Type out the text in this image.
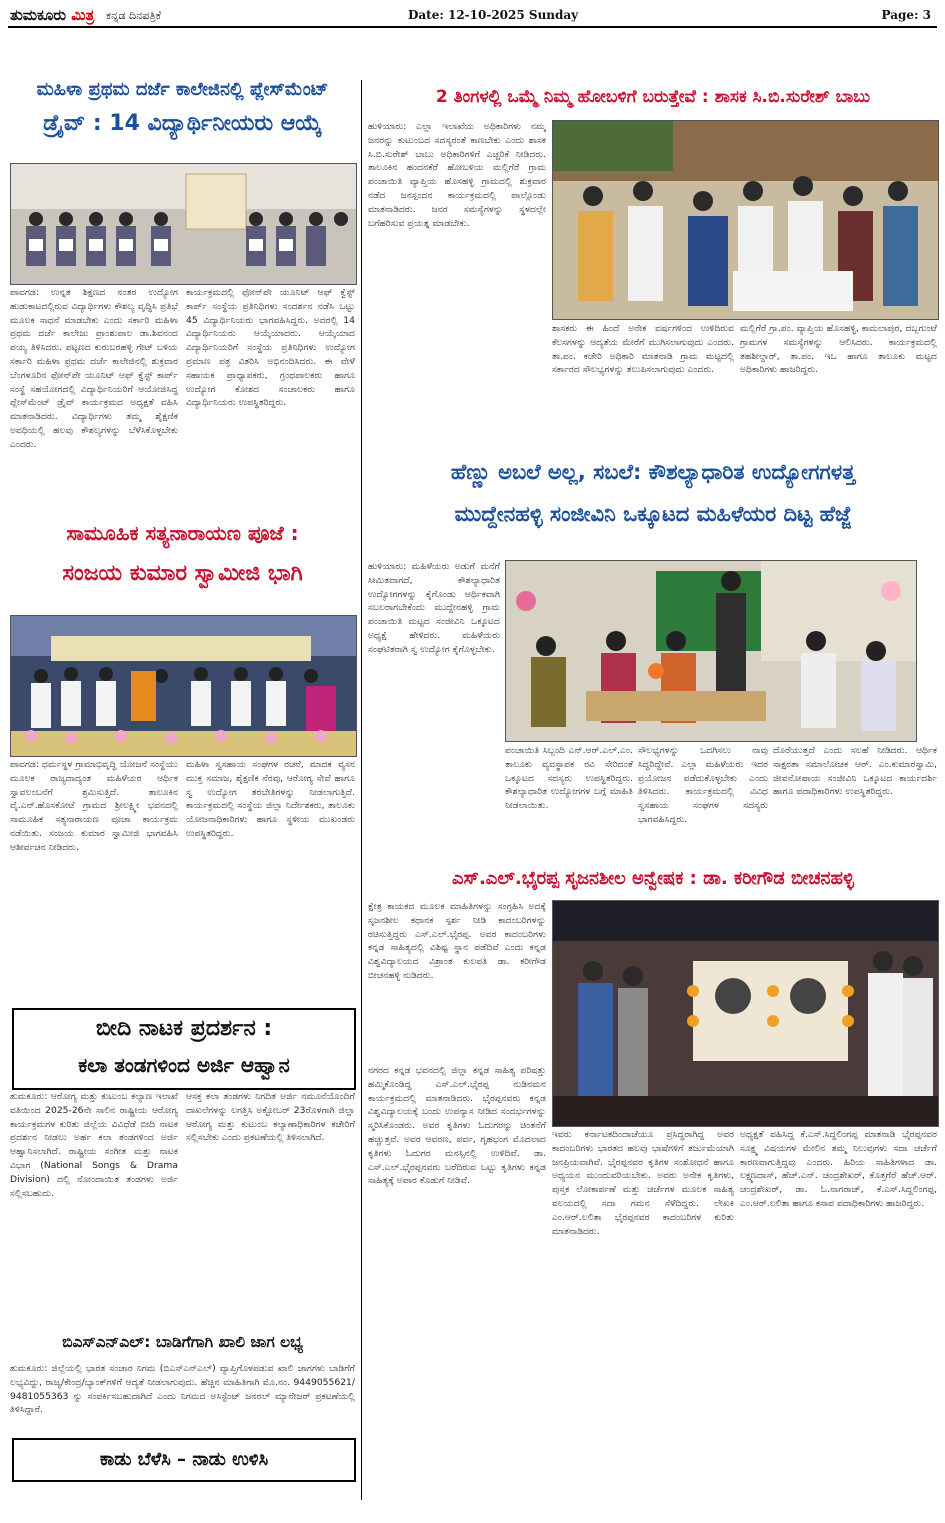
ತುಮಕೂರು ಮಿತ್ರ ಕನ್ನಡ ದಿನಪತ್ರಿಕೆ	Date: 12-10-2025 Sunday	Page: 3
ಮಹಿಳಾ ಪ್ರಥಮ ದರ್ಜೆ ಕಾಲೇಜಿನಲ್ಲಿ ಪ್ಲೇಸ್‌ಮೆಂಟ್
ಡ್ರೈವ್ : 14 ವಿದ್ಯಾರ್ಥಿನೀಯರು ಆಯ್ಕೆ
ಪಾವಗಡ: ಉನ್ನತ ಶಿಕ್ಷಣದ ನಂತರ ಉದ್ಯೋಗ ಹುಡುಕಾಟದಲ್ಲಿರುವ ವಿದ್ಯಾರ್ಥಿಗಳು ಕೌಶಲ್ಯ ವೃದ್ಧಿಸಿ ಪ್ರತಿಭೆ ಮೂಲಕ ಸಾಧನೆ ಮಾಡಬೇಕು ಎಂದು ಸರ್ಕಾರಿ ಮಹಿಳಾ ಪ್ರಥಮ ದರ್ಜೆ ಕಾಲೇಜು ಪ್ರಾಂಶುಪಾಲ ಡಾ.ಶಿವನಂದ ಪಯ್ಯ ತಿಳಿಸಿದರು. ಪಟ್ಟಣದ ಕುರುಬರಹಳ್ಳಿ ಗೇಟ್ ಬಳಿಯ ಸರ್ಕಾರಿ ಮಹಿಳಾ ಪ್ರಥಮ ದರ್ಜೆ ಕಾಲೇಜಿನಲ್ಲಿ ಶುಕ್ರವಾರ ಬೆಂಗಳೂರಿನ ಫೋನ್‌ಪೇ ಯೂನಿಟ್ ಆಫ್ ಕ್ವೆಸ್ಟ್ ಕಾರ್ಪ್ ಸಂಸ್ಥೆ ಸಹಯೋಗದಲ್ಲಿ ವಿದ್ಯಾರ್ಥಿನಿಯರಿಗೆ ಆಯೋಜಿಸಿದ್ದ ಪ್ಲೇಸ್‌ಮೆಂಟ್ ಡ್ರೈವ್ ಕಾರ್ಯಕ್ರಮದ ಅಧ್ಯಕ್ಷತೆ ವಹಿಸಿ ಮಾತನಾಡಿದರು. ವಿದ್ಯಾರ್ಥಿಗಳು ತಮ್ಮ ಶೈಕ್ಷಣಿಕ ಅವಧಿಯಲ್ಲಿ ಹಲವು ಕೌಶಲ್ಯಗಳನ್ನು ಬೆಳೆಸಿಕೊಳ್ಳಬೇಕು ಎಂದರು.
ಕಾರ್ಯಕ್ರಮದಲ್ಲಿ ಫೋನ್‌ಪೇ ಯೂನಿಟ್ ಆಫ್ ಕ್ವೆಸ್ಟ್ ಕಾರ್ಪ್ ಸಂಸ್ಥೆಯ ಪ್ರತಿನಿಧಿಗಳು ಸಂದರ್ಶನ ನಡೆಸಿ ಒಟ್ಟು 45 ವಿದ್ಯಾರ್ಥಿನಿಯರು ಭಾಗವಹಿಸಿದ್ದರು. ಅದರಲ್ಲಿ 14 ವಿದ್ಯಾರ್ಥಿನಿಯರು ಆಯ್ಕೆಯಾದರು. ಆಯ್ಕೆಯಾದ ವಿದ್ಯಾರ್ಥಿನಿಯರಿಗೆ ಸಂಸ್ಥೆಯ ಪ್ರತಿನಿಧಿಗಳು ಉದ್ಯೋಗ ಪ್ರಮಾಣ ಪತ್ರ ವಿತರಿಸಿ ಅಭಿನಂದಿಸಿದರು. ಈ ವೇಳೆ ಸಹಾಯಕ ಪ್ರಾಧ್ಯಾಪಕರು, ಗ್ರಂಥಪಾಲಕರು ಹಾಗೂ ಉದ್ಯೋಗ ಕೋಶದ ಸಂಚಾಲಕರು ಹಾಗೂ ವಿದ್ಯಾರ್ಥಿನಿಯರು ಉಪಸ್ಥಿತರಿದ್ದರು.
ಸಾಮೂಹಿಕ ಸತ್ಯನಾರಾಯಣ ಪೂಜೆ :
ಸಂಜಯ ಕುಮಾರ ಸ್ವಾಮೀಜಿ ಭಾಗಿ
ಪಾವಗಡ: ಧರ್ಮಸ್ಥಳ ಗ್ರಾಮಾಭಿವೃದ್ಧಿ ಯೋಜನೆ ಸಂಸ್ಥೆಯು ಮೂಲಕ ರಾಜ್ಯದಾದ್ಯಂತ ಮಹಿಳೆಯರ ಆರ್ಥಿಕ ಸ್ವಾವಲಂಬನೆಗೆ ಶ್ರಮಿಸುತ್ತಿದೆ. ತಾಲೂಕಿನ ವೈ.ಎನ್.ಹೊಸಕೋಟೆ ಗ್ರಾಮದ ಶ್ರೀಲಕ್ಷ್ಮೀ ಭವನದಲ್ಲಿ ಸಾಮೂಹಿಕ ಸತ್ಯನಾರಾಯಣ ಪೂಜಾ ಕಾರ್ಯಕ್ರಮ ನಡೆಯಿತು. ಸಂಜಯ ಕುಮಾರ ಸ್ವಾಮೀಜಿ ಭಾಗವಹಿಸಿ ಆಶೀರ್ವಚನ ನೀಡಿದರು.
ಮಹಿಳಾ ಸ್ವಸಹಾಯ ಸಂಘಗಳ ರಚನೆ, ಮಾದಕ ವ್ಯಸನ ಮುಕ್ತ ಸಮಾಜ, ಶೈಕ್ಷಣಿಕ ನೆರವು, ಆರೋಗ್ಯ ಸೇವೆ ಹಾಗೂ ಸ್ವ ಉದ್ಯೋಗ ತರಬೇತಿಗಳನ್ನು ನೀಡಲಾಗುತ್ತಿದೆ. ಕಾರ್ಯಕ್ರಮದಲ್ಲಿ ಸಂಸ್ಥೆಯ ಜಿಲ್ಲಾ ನಿರ್ದೇಶಕರು, ತಾಲೂಕು ಯೋಜನಾಧಿಕಾರಿಗಳು ಹಾಗೂ ಸ್ಥಳೀಯ ಮುಖಂಡರು ಉಪಸ್ಥಿತರಿದ್ದರು.
ಬೀದಿ ನಾಟಕ ಪ್ರದರ್ಶನ :
ಕಲಾ ತಂಡಗಳಿಂದ ಅರ್ಜಿ ಆಹ್ವಾನ
ತುಮಕೂರು: ಆರೋಗ್ಯ ಮತ್ತು ಕುಟುಂಬ ಕಲ್ಯಾಣ ಇಲಾಖೆ ವತಿಯಿಂದ 2025-26ನೇ ಸಾಲಿನ ರಾಷ್ಟ್ರೀಯ ಆರೋಗ್ಯ ಕಾರ್ಯಕ್ರಮಗಳ ಕುರಿತು ಜಿಲ್ಲೆಯ ವಿವಿಧೆಡೆ ಬೀದಿ ನಾಟಕ ಪ್ರದರ್ಶನ ನೀಡಲು ಅರ್ಹ ಕಲಾ ತಂಡಗಳಿಂದ ಅರ್ಜಿ ಆಹ್ವಾನಿಸಲಾಗಿದೆ. ರಾಷ್ಟ್ರೀಯ ಸಂಗೀತ ಮತ್ತು ನಾಟಕ ವಿಭಾಗ (National Songs & Drama Division) ದಲ್ಲಿ ನೋಂದಾಯಿತ ತಂಡಗಳು ಅರ್ಜಿ ಸಲ್ಲಿಸಬಹುದು.
ಆಸಕ್ತ ಕಲಾ ತಂಡಗಳು ನಿಗದಿತ ಅರ್ಜಿ ನಮೂನೆಯೊಂದಿಗೆ ದಾಖಲೆಗಳನ್ನು ಲಗತ್ತಿಸಿ ಅಕ್ಟೋಬರ್ 23ರೊಳಗಾಗಿ ಜಿಲ್ಲಾ ಆರೋಗ್ಯ ಮತ್ತು ಕುಟುಂಬ ಕಲ್ಯಾಣಾಧಿಕಾರಿಗಳ ಕಚೇರಿಗೆ ಸಲ್ಲಿಸಬೇಕು ಎಂದು ಪ್ರಕಟಣೆಯಲ್ಲಿ ತಿಳಿಸಲಾಗಿದೆ.
ಬಿಎಸ್‌ಎನ್‌ಎಲ್: ಬಾಡಿಗೆಗಾಗಿ ಖಾಲಿ ಜಾಗ ಲಭ್ಯ
ತುಮಕೂರು: ಜಿಲ್ಲೆಯಲ್ಲಿ ಭಾರತ ಸಂಚಾರ ನಿಗಮ (ಬಿಎಸ್‌ಎನ್‌ಎಲ್) ವ್ಯಾಪ್ತಿಗೊಳಪಡುವ ಖಾಲಿ ಜಾಗಗಳು ಬಾಡಿಗೆಗೆ ಲಭ್ಯವಿದ್ದು, ರಾಜ್ಯ/ಕೇಂದ್ರ/ಬ್ಯಾಂಕ್‌ಗಳಿಗೆ ಆದ್ಯತೆ ನೀಡಲಾಗುವುದು. ಹೆಚ್ಚಿನ ಮಾಹಿತಿಗಾಗಿ ಮೊ.ನಂ. 9449055621/ 9481055363 ನ್ನು ಸಂಪರ್ಕಿಸಬಹುದಾಗಿದೆ ಎಂದು ನಿಗಮದ ಅಸಿಸ್ಟೆಂಟ್ ಜನರಲ್ ಮ್ಯಾನೇಜರ್ ಪ್ರಕಟಣೆಯಲ್ಲಿ ತಿಳಿಸಿದ್ದಾರೆ.
ಕಾಡು ಬೆಳೆಸಿ – ನಾಡು ಉಳಿಸಿ
2 ತಿಂಗಳಲ್ಲಿ ಒಮ್ಮೆ ನಿಮ್ಮ ಹೋಬಳಿಗೆ ಬರುತ್ತೇವೆ : ಶಾಸಕ ಸಿ.ಬಿ.ಸುರೇಶ್ ಬಾಬು
ಹುಳಿಯಾರು: ಎಲ್ಲಾ ಇಲಾಖೆಯ ಅಧಿಕಾರಿಗಳು ನಮ್ಮ ಜನರನ್ನು ಕುಟುಂಬದ ಸದಸ್ಯರಂತೆ ಕಾಣಬೇಕು ಎಂದು ಶಾಸಕ ಸಿ.ಬಿ.ಸುರೇಶ್ ಬಾಬು ಅಧಿಕಾರಿಗಳಿಗೆ ಎಚ್ಚರಿಕೆ ನೀಡಿದರು. ತಾಲೂಕಿನ ಹಂದನಕೆರೆ ಹೋಬಳಿಯ ಮಲ್ಲಿಗೆರೆ ಗ್ರಾಮ ಪಂಚಾಯಿತಿ ವ್ಯಾಪ್ತಿಯ ಹೊಸಹಳ್ಳಿ ಗ್ರಾಮದಲ್ಲಿ ಶುಕ್ರವಾರ ನಡೆದ ಜನಸ್ಪಂದನ ಕಾರ್ಯಕ್ರಮದಲ್ಲಿ ಪಾಲ್ಗೊಂಡು ಮಾತನಾಡಿದರು. ಜನರ ಸಮಸ್ಯೆಗಳನ್ನು ಸ್ಥಳದಲ್ಲೇ ಬಗೆಹರಿಸುವ ಪ್ರಯತ್ನ ಮಾಡಬೇಕು.
ಶಾಸಕರು ಈ ಹಿಂದೆ ಅನೇಕ ವರ್ಷಗಳಿಂದ ಉಳಿದಿರುವ ಕೆಲಸಗಳನ್ನು ಆದ್ಯತೆಯ ಮೇರೆಗೆ ಮುಗಿಸಲಾಗುವುದು ಎಂದರು. ತಾ.ಪಂ. ಕಚೇರಿ ಅಧಿಕಾರಿ ಮಾತನಾಡಿ ಗ್ರಾಮ ಮಟ್ಟದಲ್ಲಿ ಸರ್ಕಾರದ ಸೌಲಭ್ಯಗಳನ್ನು ತಲುಪಿಸಲಾಗುವುದು ಎಂದರು.
ಮಲ್ಲಿಗೆರೆ ಗ್ರಾ.ಪಂ. ವ್ಯಾಪ್ತಿಯ ಹೊಸಹಳ್ಳಿ, ಕಾಮಲಾಪುರ, ದಬ್ಬಗುಂಟೆ ಗ್ರಾಮಗಳ ಸಮಸ್ಯೆಗಳನ್ನು ಆಲಿಸಿದರು. ಕಾರ್ಯಕ್ರಮದಲ್ಲಿ ತಹಶೀಲ್ದಾರ್, ತಾ.ಪಂ. ಇಒ ಹಾಗೂ ತಾಲೂಕು ಮಟ್ಟದ ಅಧಿಕಾರಿಗಳು ಹಾಜರಿದ್ದರು.
ಹೆಣ್ಣು ಅಬಲೆ ಅಲ್ಲ, ಸಬಲೆ: ಕೌಶಲ್ಯಾಧಾರಿತ ಉದ್ಯೋಗಗಳತ್ತ
ಮುದ್ದೇನಹಳ್ಳಿ ಸಂಜೀವಿನಿ ಒಕ್ಕೂಟದ ಮಹಿಳೆಯರ ದಿಟ್ಟ ಹೆಜ್ಜೆ
ಹುಳಿಯಾರು: ಮಹಿಳೆಯರು ಅಡುಗೆ ಮನೆಗೆ ಸೀಮಿತವಾಗದೆ, ಕೌಶಲ್ಯಾಧಾರಿತ ಉದ್ಯೋಗಗಳನ್ನು ಕೈಗೊಂಡು ಆರ್ಥಿಕವಾಗಿ ಸಬಲರಾಗಬೇಕೆಂದು ಮುದ್ದೇನಹಳ್ಳಿ ಗ್ರಾಮ ಪಂಚಾಯಿತಿ ಮಟ್ಟದ ಸಂಜೀವಿನಿ ಒಕ್ಕೂಟದ ಅಧ್ಯಕ್ಷೆ ಹೇಳಿದರು. ಮಹಿಳೆಯರು ಸಂಘಟಿತರಾಗಿ ಸ್ವ ಉದ್ಯೋಗ ಕೈಗೊಳ್ಳಬೇಕು.
ಪಂಚಾಯಿತಿ ಸಿಬ್ಬಂದಿ ಎನ್.ಆರ್.ಎಲ್.ಎಂ. ತಾಲೂಕು ವ್ಯವಸ್ಥಾಪಕ ರವಿ ಸೇರಿದಂತೆ ಒಕ್ಕೂಟದ ಸದಸ್ಯರು ಉಪಸ್ಥಿತರಿದ್ದರು. ಕೌಶಲ್ಯಾಧಾರಿತ ಉದ್ಯೋಗಗಳ ಬಗ್ಗೆ ಮಾಹಿತಿ ನೀಡಲಾಯಿತು.
ಸೌಲಭ್ಯಗಳನ್ನು ಒದಗಿಸಲು ನಾವು ಸಿದ್ಧರಿದ್ದೇವೆ. ಎಲ್ಲಾ ಮಹಿಳೆಯರು ಇದರ ಪ್ರಯೋಜನ ಪಡೆದುಕೊಳ್ಳಬೇಕು ಎಂದು ತಿಳಿಸಿದರು. ಕಾರ್ಯಕ್ರಮದಲ್ಲಿ ವಿವಿಧ ಸ್ವಸಹಾಯ ಸಂಘಗಳ ಸದಸ್ಯರು ಭಾಗವಹಿಸಿದ್ದರು.
ದೊರೆಯುತ್ತದೆ ಎಂದು ಸಲಹೆ ನೀಡಿದರು. ಆರ್ಥಿಕ ಸಾಕ್ಷರತಾ ಸಮಾಲೋಚಕ ಆರ್. ಎಂ.ಕುಮಾರಸ್ವಾಮಿ, ಜೀವನೋಪಾಯ ಸಂಜೀವಿನಿ ಒಕ್ಕೂಟದ ಕಾರ್ಯದರ್ಶಿ ಹಾಗೂ ಪದಾಧಿಕಾರಿಗಳು ಉಪಸ್ಥಿತರಿದ್ದರು.
ಎಸ್.ಎಲ್.ಭೈರಪ್ಪ ಸೃಜನಶೀಲ ಅನ್ವೇಷಕ : ಡಾ. ಕರೀಗೌಡ ಬೀಚನಹಳ್ಳಿ
ಕ್ಷೇತ್ರ ಕಾಯಕದ ಮೂಲಕ ಮಾಹಿತಿಗಳನ್ನು ಸಂಗ್ರಹಿಸಿ ಅದಕ್ಕೆ ಸೃಜನಶೀಲ ಕಥಾನಕ ಸ್ಪರ್ಶ ನೀಡಿ ಕಾದಂಬರಿಗಳನ್ನು ರಚಿಸುತ್ತಿದ್ದರು ಎಸ್.ಎಲ್.ಭೈರಪ್ಪ. ಅವರ ಕಾದಂಬರಿಗಳು ಕನ್ನಡ ಸಾಹಿತ್ಯದಲ್ಲಿ ವಿಶಿಷ್ಟ ಸ್ಥಾನ ಪಡೆದಿವೆ ಎಂದು ಕನ್ನಡ ವಿಶ್ವವಿದ್ಯಾಲಯದ ವಿಶ್ರಾಂತ ಕುಲಪತಿ ಡಾ. ಕರೀಗೌಡ ಬೀಚನಹಳ್ಳಿ ನುಡಿದರು.
ನಗರದ ಕನ್ನಡ ಭವನದಲ್ಲಿ ಜಿಲ್ಲಾ ಕನ್ನಡ ಸಾಹಿತ್ಯ ಪರಿಷತ್ತು ಹಮ್ಮಿಕೊಂಡಿದ್ದ ಎಸ್.ಎಲ್.ಭೈರಪ್ಪ ನುಡಿನಮನ ಕಾರ್ಯಕ್ರಮದಲ್ಲಿ ಮಾತನಾಡಿದರು. ಭೈರಪ್ಪನವರು ಕನ್ನಡ ವಿಶ್ವವಿದ್ಯಾಲಯಕ್ಕೆ ಬಂದು ಉಪನ್ಯಾಸ ನೀಡಿದ ಸಂದರ್ಭಗಳನ್ನು ಸ್ಮರಿಸಿಕೊಂಡರು. ಅವರ ಕೃತಿಗಳು ಓದುಗರನ್ನು ಚಿಂತನೆಗೆ ಹಚ್ಚುತ್ತವೆ. ಅವರ ಆವರಣ, ಪರ್ವ, ಗೃಹಭಂಗ ಮೊದಲಾದ ಕೃತಿಗಳು ಓದುಗರ ಮನಸ್ಸಿನಲ್ಲಿ ಉಳಿದಿವೆ. ಡಾ. ಎಸ್.ಎಲ್.ಭೈರಪ್ಪನವರು ಬರೆದಿರುವ ಒಟ್ಟು ಕೃತಿಗಳು ಕನ್ನಡ ಸಾಹಿತ್ಯಕ್ಕೆ ಅಪಾರ ಕೊಡುಗೆ ನೀಡಿವೆ.
ಇವರು ಕರ್ನಾಟಕದಿಂದಾಚೆಯೂ ಪ್ರಸಿದ್ಧರಾಗಿದ್ದ ಅವರ ಕಾದಂಬರಿಗಳು ಭಾರತದ ಹಲವು ಭಾಷೆಗಳಿಗೆ ತರ್ಜುಮೆಯಾಗಿ ಜನಪ್ರಿಯವಾಗಿವೆ. ಭೈರಪ್ಪನವರ ಕೃತಿಗಳ ಸಂಶೋಧನೆ ಹಾಗೂ ಅಧ್ಯಯನ ಮುಂದುವರಿಯಬೇಕು. ಅವರು ಅನೇಕ ಕೃತಿಗಳು, ಪುಸ್ತಕ ಲೋಕಾರ್ಪಣೆ ಮತ್ತು ಚರ್ಚೆಗಳ ಮೂಲಕ ಸಾಹಿತ್ಯ ವಲಯದಲ್ಲಿ ಸದಾ ಗಮನ ಸೆಳೆದಿದ್ದರು. ಲೇಖಕಿ ಎಂ.ಆರ್.ಲಲಿತಾ ಭೈರಪ್ಪನವರ ಕಾದಂಬರಿಗಳ ಕುರಿತು ಮಾತನಾಡಿದರು.
ಅಧ್ಯಕ್ಷತೆ ವಹಿಸಿದ್ದ ಕೆ.ಎಸ್.ಸಿದ್ದಲಿಂಗಪ್ಪ ಮಾತನಾಡಿ ಭೈರಪ್ಪನವರ ಸೂಕ್ಷ್ಮ ವಿಷಯಗಳ ಮೇಲಿನ ತಮ್ಮ ನಿಲುವುಗಳು ಸದಾ ಚರ್ಚೆಗೆ ಕಾರಣವಾಗುತ್ತಿದ್ದವು ಎಂದರು. ಹಿರಿಯ ಸಾಹಿತಿಗಳಾದ ಡಾ. ಲಕ್ಷ್ಮಣದಾಸ್, ಹೆಚ್.ಎನ್. ಚಂದ್ರಶೇಖರ್, ಕೊತ್ತಗೆರೆ ಹೆಚ್.ಆರ್. ಚಂದ್ರಶೇಖರ್, ಡಾ. ಓ.ನಾಗರಾಜ್, ಕೆ.ಎಸ್.ಸಿದ್ದಲಿಂಗಪ್ಪ, ಎಂ.ಆರ್.ಲಲಿತಾ ಹಾಗೂ ಕಸಾಪ ಪದಾಧಿಕಾರಿಗಳು ಹಾಜರಿದ್ದರು.
